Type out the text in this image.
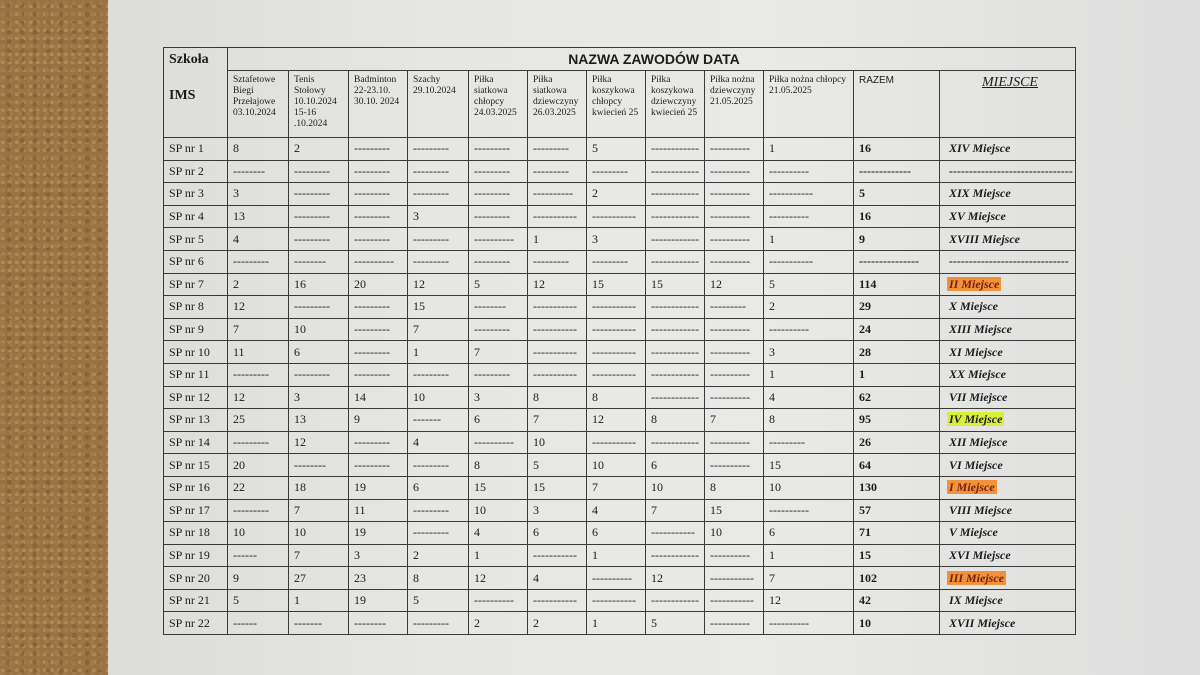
Szkoła
IMS	NAZWA ZAWODÓW DATA											
	Sztafetowe Biegi Przełajowe 03.10.2024	Tenis Stołowy 10.10.2024 15-16 .10.2024	Badminton 22-23.10. 30.10. 2024	Szachy 29.10.2024	Piłka siatkowa chłopcy 24.03.2025	Piłka siatkowa dziewczyny 26.03.2025	Piłka koszykowa chłopcy kwiecień 25	Piłka koszykowa dziewczyny kwiecień 25	Piłka nożna dziewczyny 21.05.2025	Piłka nożna chłopcy 21.05.2025	RAZEM	MIEJSCE
SP nr 1	8	2	---------	---------	---------	---------	5	------------	----------	1	16	XIV Miejsce
SP nr 2	--------	---------	---------	---------	---------	---------	---------	------------	----------	----------	-------------	-------------------------------
SP nr 3	3	---------	---------	---------	---------	----------	2	------------	----------	-----------	5	XIX Miejsce
SP nr 4	13	---------	---------	3	---------	-----------	-----------	------------	----------	----------	16	XV Miejsce
SP nr 5	4	---------	---------	---------	----------	1	3	------------	----------	1	9	XVIII Miejsce
SP nr 6	---------	--------	----------	---------	---------	---------	---------	------------	----------	-----------	---------------	------------------------------
SP nr 7	2	16	20	12	5	12	15	15	12	5	114	II Miejsce
SP nr 8	12	---------	---------	15	--------	-----------	-----------	------------	---------	2	29	X Miejsce
SP nr 9	7	10	---------	7	---------	-----------	-----------	------------	----------	----------	24	XIII Miejsce
SP nr 10	11	6	---------	1	7	-----------	-----------	------------	----------	3	28	XI Miejsce
SP nr 11	---------	---------	---------	---------	---------	-----------	-----------	------------	----------	1	1	XX Miejsce
SP nr 12	12	3	14	10	3	8	8	------------	----------	4	62	VII Miejsce
SP nr 13	25	13	9	-------	6	7	12	8	7	8	95	IV Miejsce
SP nr 14	---------	12	---------	4	----------	10	-----------	------------	----------	---------	26	XII Miejsce
SP nr 15	20	--------	---------	---------	8	5	10	6	----------	15	64	VI Miejsce
SP nr 16	22	18	19	6	15	15	7	10	8	10	130	I Miejsce
SP nr 17	---------	7	11	---------	10	3	4	7	15	----------	57	VIII Miejsce
SP nr 18	10	10	19	---------	4	6	6	-----------	10	6	71	V Miejsce
SP nr 19	------	7	3	2	1	-----------	1	------------	----------	1	15	XVI Miejsce
SP nr 20	9	27	23	8	12	4	----------	12	-----------	7	102	III Miejsce
SP nr 21	5	1	19	5	----------	-----------	-----------	------------	-----------	12	42	IX Miejsce
SP nr 22	------	-------	--------	---------	2	2	1	5	----------	----------	10	XVII Miejsce
